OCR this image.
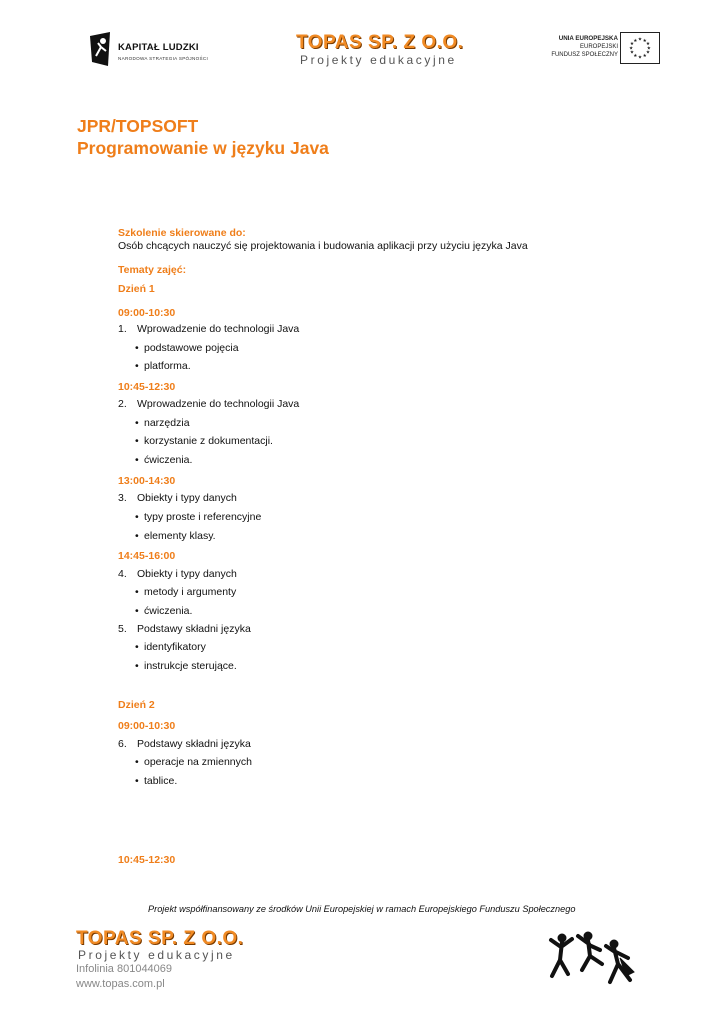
KAPITAŁ LUDZKI
NARODOWA STRATEGIA SPÓJNOŚCI
TOPAS SP. Z O.O.
Projekty edukacyjne
UNIA EUROPEJSKA
EUROPEJSKI
FUNDUSZ SPOŁECZNY
★ ★
★
★
★
★
★
★
★
★
★
★
JPR/TOPSOFT
Programowanie w języku Java
Szkolenie skierowane do:
Osób chcących nauczyć się projektowania i budowania aplikacji przy użyciu języka Java
Tematy zajęć:
Dzień 1
09:00-10:30
1. Wprowadzenie do technologii Java
• podstawowe pojęcia
• platforma.
10:45-12:30
2. Wprowadzenie do technologii Java
• narzędzia
• korzystanie z dokumentacji.
• ćwiczenia.
13:00-14:30
3. Obiekty i typy danych
• typy proste i referencyjne
• elementy klasy.
14:45-16:00
4. Obiekty i typy danych
• metody i argumenty
• ćwiczenia.
5. Podstawy składni języka
• identyfikatory
• instrukcje sterujące.
Dzień 2
09:00-10:30
6. Podstawy składni języka
• operacje na zmiennych
• tablice.
10:45-12:30
Projekt współfinansowany ze środków Unii Europejskiej w ramach Europejskiego Funduszu Społecznego
TOPAS SP. Z O.O.
Projekty edukacyjne
Infolinia 801044069
www.topas.com.pl
